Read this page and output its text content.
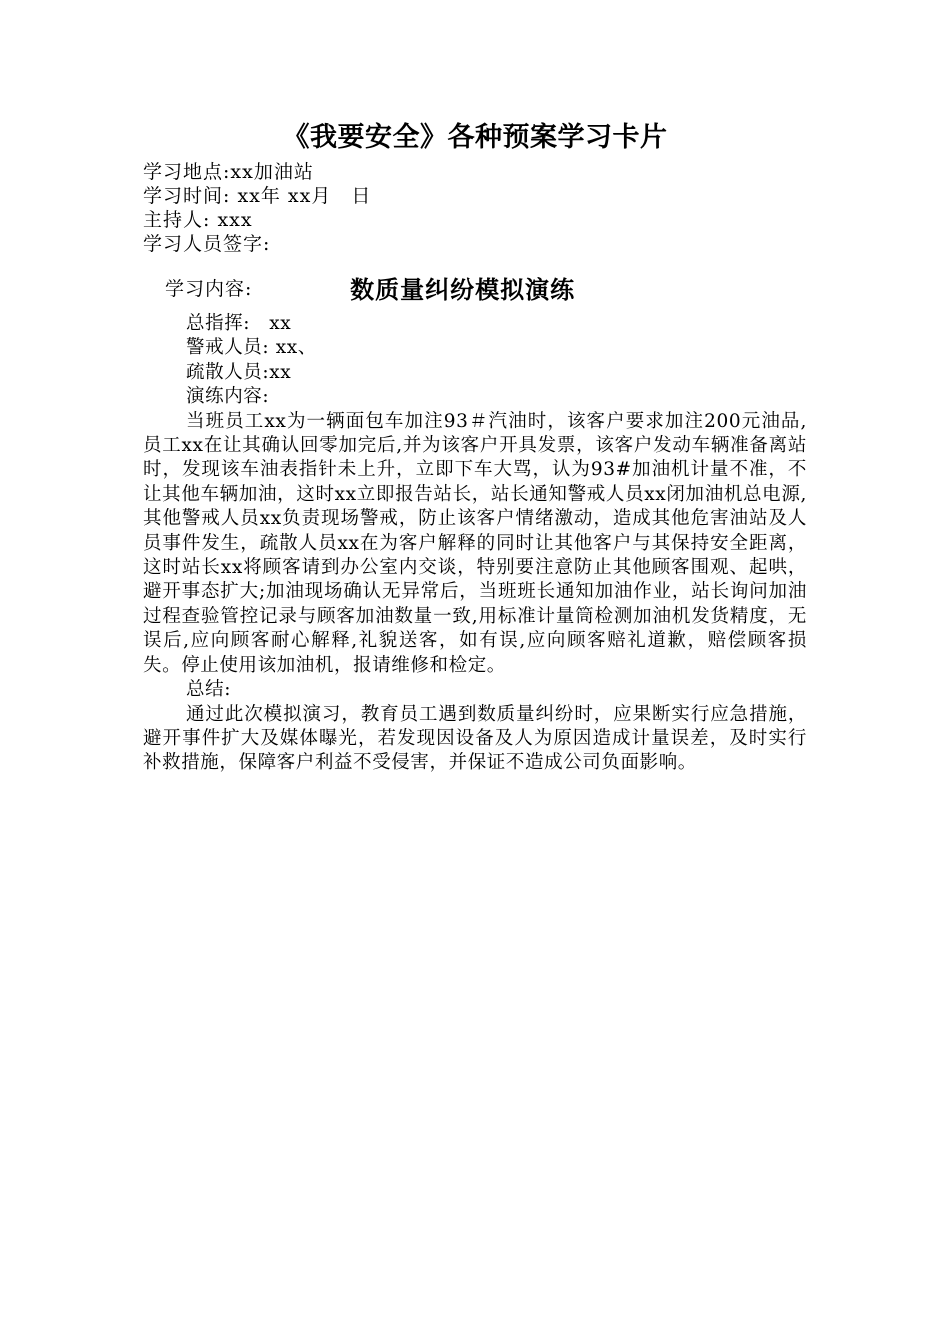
《我要安全》各种预案学习卡片
学习地点:xx加油站
学习时间: xx年 xx月　日
主持人: xxx
学习人员签字:
学习内容:	数质量纠纷模拟演练
总指挥:　xx
警戒人员: xx、
疏散人员:xx
演练内容:

当班员工xx为一辆面包车加注93＃汽油时，该客户要求加注200元油品,员工xx在让其确认回零加完后,并为该客户开具发票，该客户发动车辆准备离站时，发现该车油表指针未上升，立即下车大骂，认为93#加油机计量不准，不让其他车辆加油，这时xx立即报告站长，站长通知警戒人员xx闭加油机总电源,其他警戒人员xx负责现场警戒，防止该客户情绪激动，造成其他危害油站及人员事件发生，疏散人员xx在为客户解释的同时让其他客户与其保持安全距离，这时站长xx将顾客请到办公室内交谈，特别要注意防止其他顾客围观、起哄，避开事态扩大;加油现场确认无异常后，当班班长通知加油作业，站长询问加油过程查验管控记录与顾客加油数量一致,用标准计量筒检测加油机发货精度，无误后,应向顾客耐心解释,礼貌送客，如有误,应向顾客赔礼道歉，赔偿顾客损失。停止使用该加油机，报请维修和检定。

总结:

通过此次模拟演习，教育员工遇到数质量纠纷时，应果断实行应急措施，避开事件扩大及媒体曝光，若发现因设备及人为原因造成计量误差，及时实行补救措施，保障客户利益不受侵害，并保证不造成公司负面影响。
